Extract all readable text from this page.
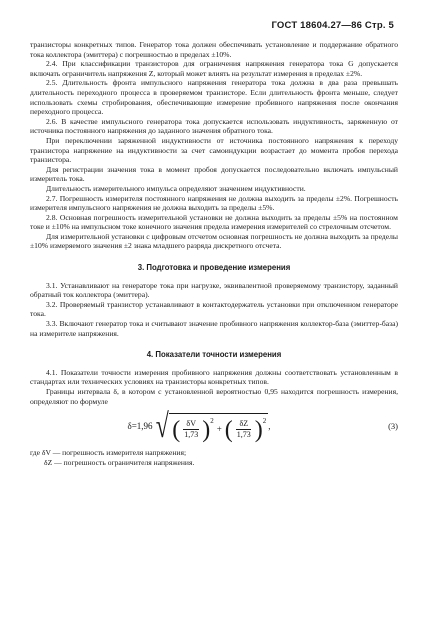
ГОСТ 18604.27—86 Стр. 5

транзисторы конкретных типов. Генератор тока должен обеспечивать установление и поддержание обратного тока коллектора (эмиттера) с погрешностью в пределах ±10%.

2.4. При классификации транзисторов для ограничения напряжения генератора тока G допускается включать ограничитель напряжения Z, который может влиять на результат измерения в пределах ±2%.

2.5. Длительность фронта импульсного напряжения генератора тока должна в два раза превышать длительность переходного процесса в проверяемом транзисторе. Если длительность фронта меньше, следует использовать схемы стробирования, обеспечивающие измерение пробивного напряжения после окончания переходного процесса.

2.6. В качестве импульсного генератора тока допускается использовать индуктивность, заряженную от источника постоянного напряжения до заданного значения обратного тока.

При переключении заряженной индуктивности от источника постоянного напряжения к переходу транзистора напряжение на индуктивности за счет самоиндукции возрастает до момента пробоя перехода транзистора.

Для регистрации значения тока в момент пробоя допускается последовательно включать импульсный измеритель тока.

Длительность измерительного импульса определяют значением индуктивности.

2.7. Погрешность измерителя постоянного напряжения не должна выходить за пределы ±2%. Погрешность измерителя импульсного напряжения не должна выходить за пределы ±5%.

2.8. Основная погрешность измерительной установки не должна выходить за пределы ±5% на постоянном токе и ±10% на импульсном токе конечного значения предела измерения измерителей со стрелочным отсчетом.

Для измерительной установки с цифровым отсчетом основная погрешность не должна выходить за пределы ±10% измеряемого значения ±2 знака младшего разряда дискретного отсчета.

3. Подготовка и проведение измерения

3.1. Устанавливают на генераторе тока при нагрузке, эквивалентной проверяемому транзистору, заданный обратный ток коллектора (эмиттера).

3.2. Проверяемый транзистор устанавливают в контактодержатель установки при отключенном генераторе тока.

3.3. Включают генератор тока и считывают значение пробивного напряжения коллектор-база (эмиттер-база) на измерителе напряжения.

4. Показатели точности измерения

4.1. Показатели точности измерения пробивного напряжения должны соответствовать установленным в стандартах или технических условиях на транзисторы конкретных типов.

Границы интервала δ, в котором с установленной вероятностью 0,95 находится погрешность измерения, определяют по формуле

δ=1,96 √ ( $\frac{\delta V}{1,73}$ ) 2
+ ( $\frac{\delta Z}{1,73}$ ) 2
,	(3)
где δV — погрешность измерителя напряжения;
δZ — погрешность ограничителя напряжения.
